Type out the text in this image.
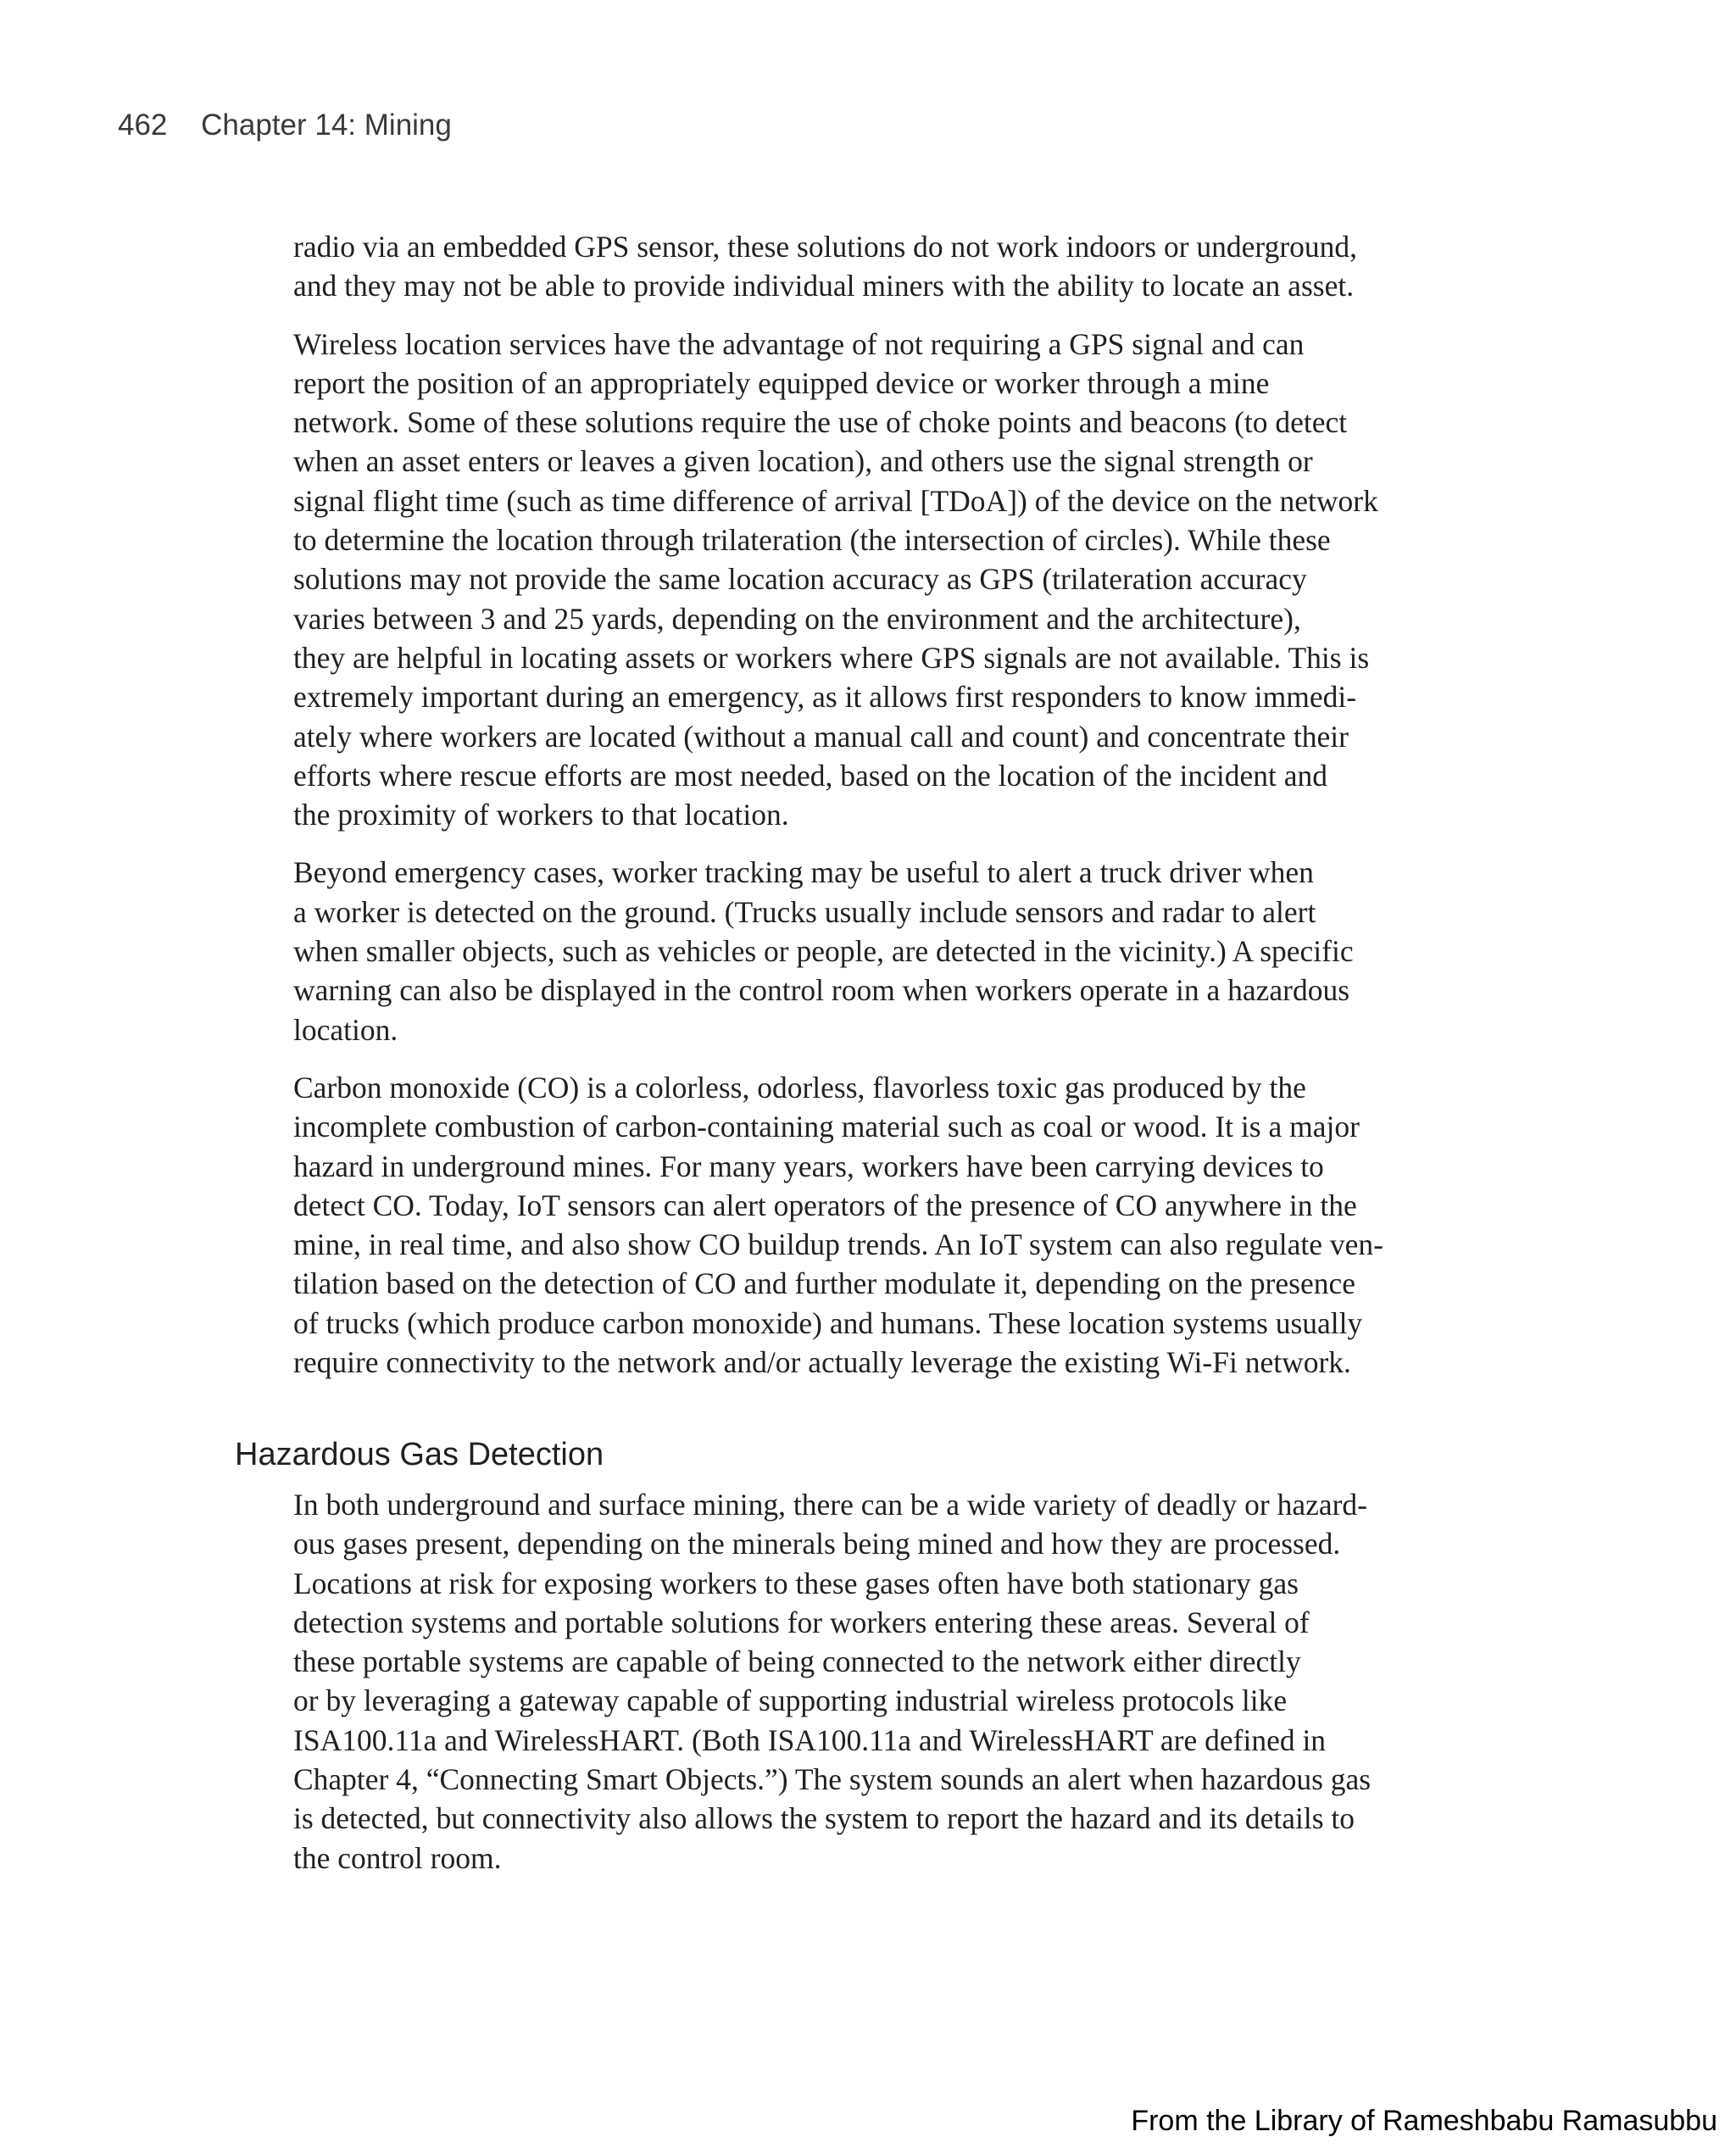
462 Chapter 14: Mining

radio via an embedded GPS sensor, these solutions do not work indoors or underground,
and they may not be able to provide individual miners with the ability to locate an asset.

Wireless location services have the advantage of not requiring a GPS signal and can
report the position of an appropriately equipped device or worker through a mine
network. Some of these solutions require the use of choke points and beacons (to detect
when an asset enters or leaves a given location), and others use the signal strength or
signal flight time (such as time difference of arrival [TDoA]) of the device on the network
to determine the location through trilateration (the intersection of circles). While these
solutions may not provide the same location accuracy as GPS (trilateration accuracy
varies between 3 and 25 yards, depending on the environment and the architecture),
they are helpful in locating assets or workers where GPS signals are not available. This is
extremely important during an emergency, as it allows first responders to know immedi-
ately where workers are located (without a manual call and count) and concentrate their
efforts where rescue efforts are most needed, based on the location of the incident and
the proximity of workers to that location.

Beyond emergency cases, worker tracking may be useful to alert a truck driver when
a worker is detected on the ground. (Trucks usually include sensors and radar to alert
when smaller objects, such as vehicles or people, are detected in the vicinity.) A specific
warning can also be displayed in the control room when workers operate in a hazardous
location.

Carbon monoxide (CO) is a colorless, odorless, flavorless toxic gas produced by the
incomplete combustion of carbon-containing material such as coal or wood. It is a major
hazard in underground mines. For many years, workers have been carrying devices to
detect CO. Today, IoT sensors can alert operators of the presence of CO anywhere in the
mine, in real time, and also show CO buildup trends. An IoT system can also regulate ven-
tilation based on the detection of CO and further modulate it, depending on the presence
of trucks (which produce carbon monoxide) and humans. These location systems usually
require connectivity to the network and/or actually leverage the existing Wi-Fi network.

Hazardous Gas Detection

In both underground and surface mining, there can be a wide variety of deadly or hazard-
ous gases present, depending on the minerals being mined and how they are processed.
Locations at risk for exposing workers to these gases often have both stationary gas
detection systems and portable solutions for workers entering these areas. Several of
these portable systems are capable of being connected to the network either directly
or by leveraging a gateway capable of supporting industrial wireless protocols like
ISA100.11a and WirelessHART. (Both ISA100.11a and WirelessHART are defined in
Chapter 4, “Connecting Smart Objects.”) The system sounds an alert when hazardous gas
is detected, but connectivity also allows the system to report the hazard and its details to
the control room.

From the Library of Rameshbabu Ramasubbu
